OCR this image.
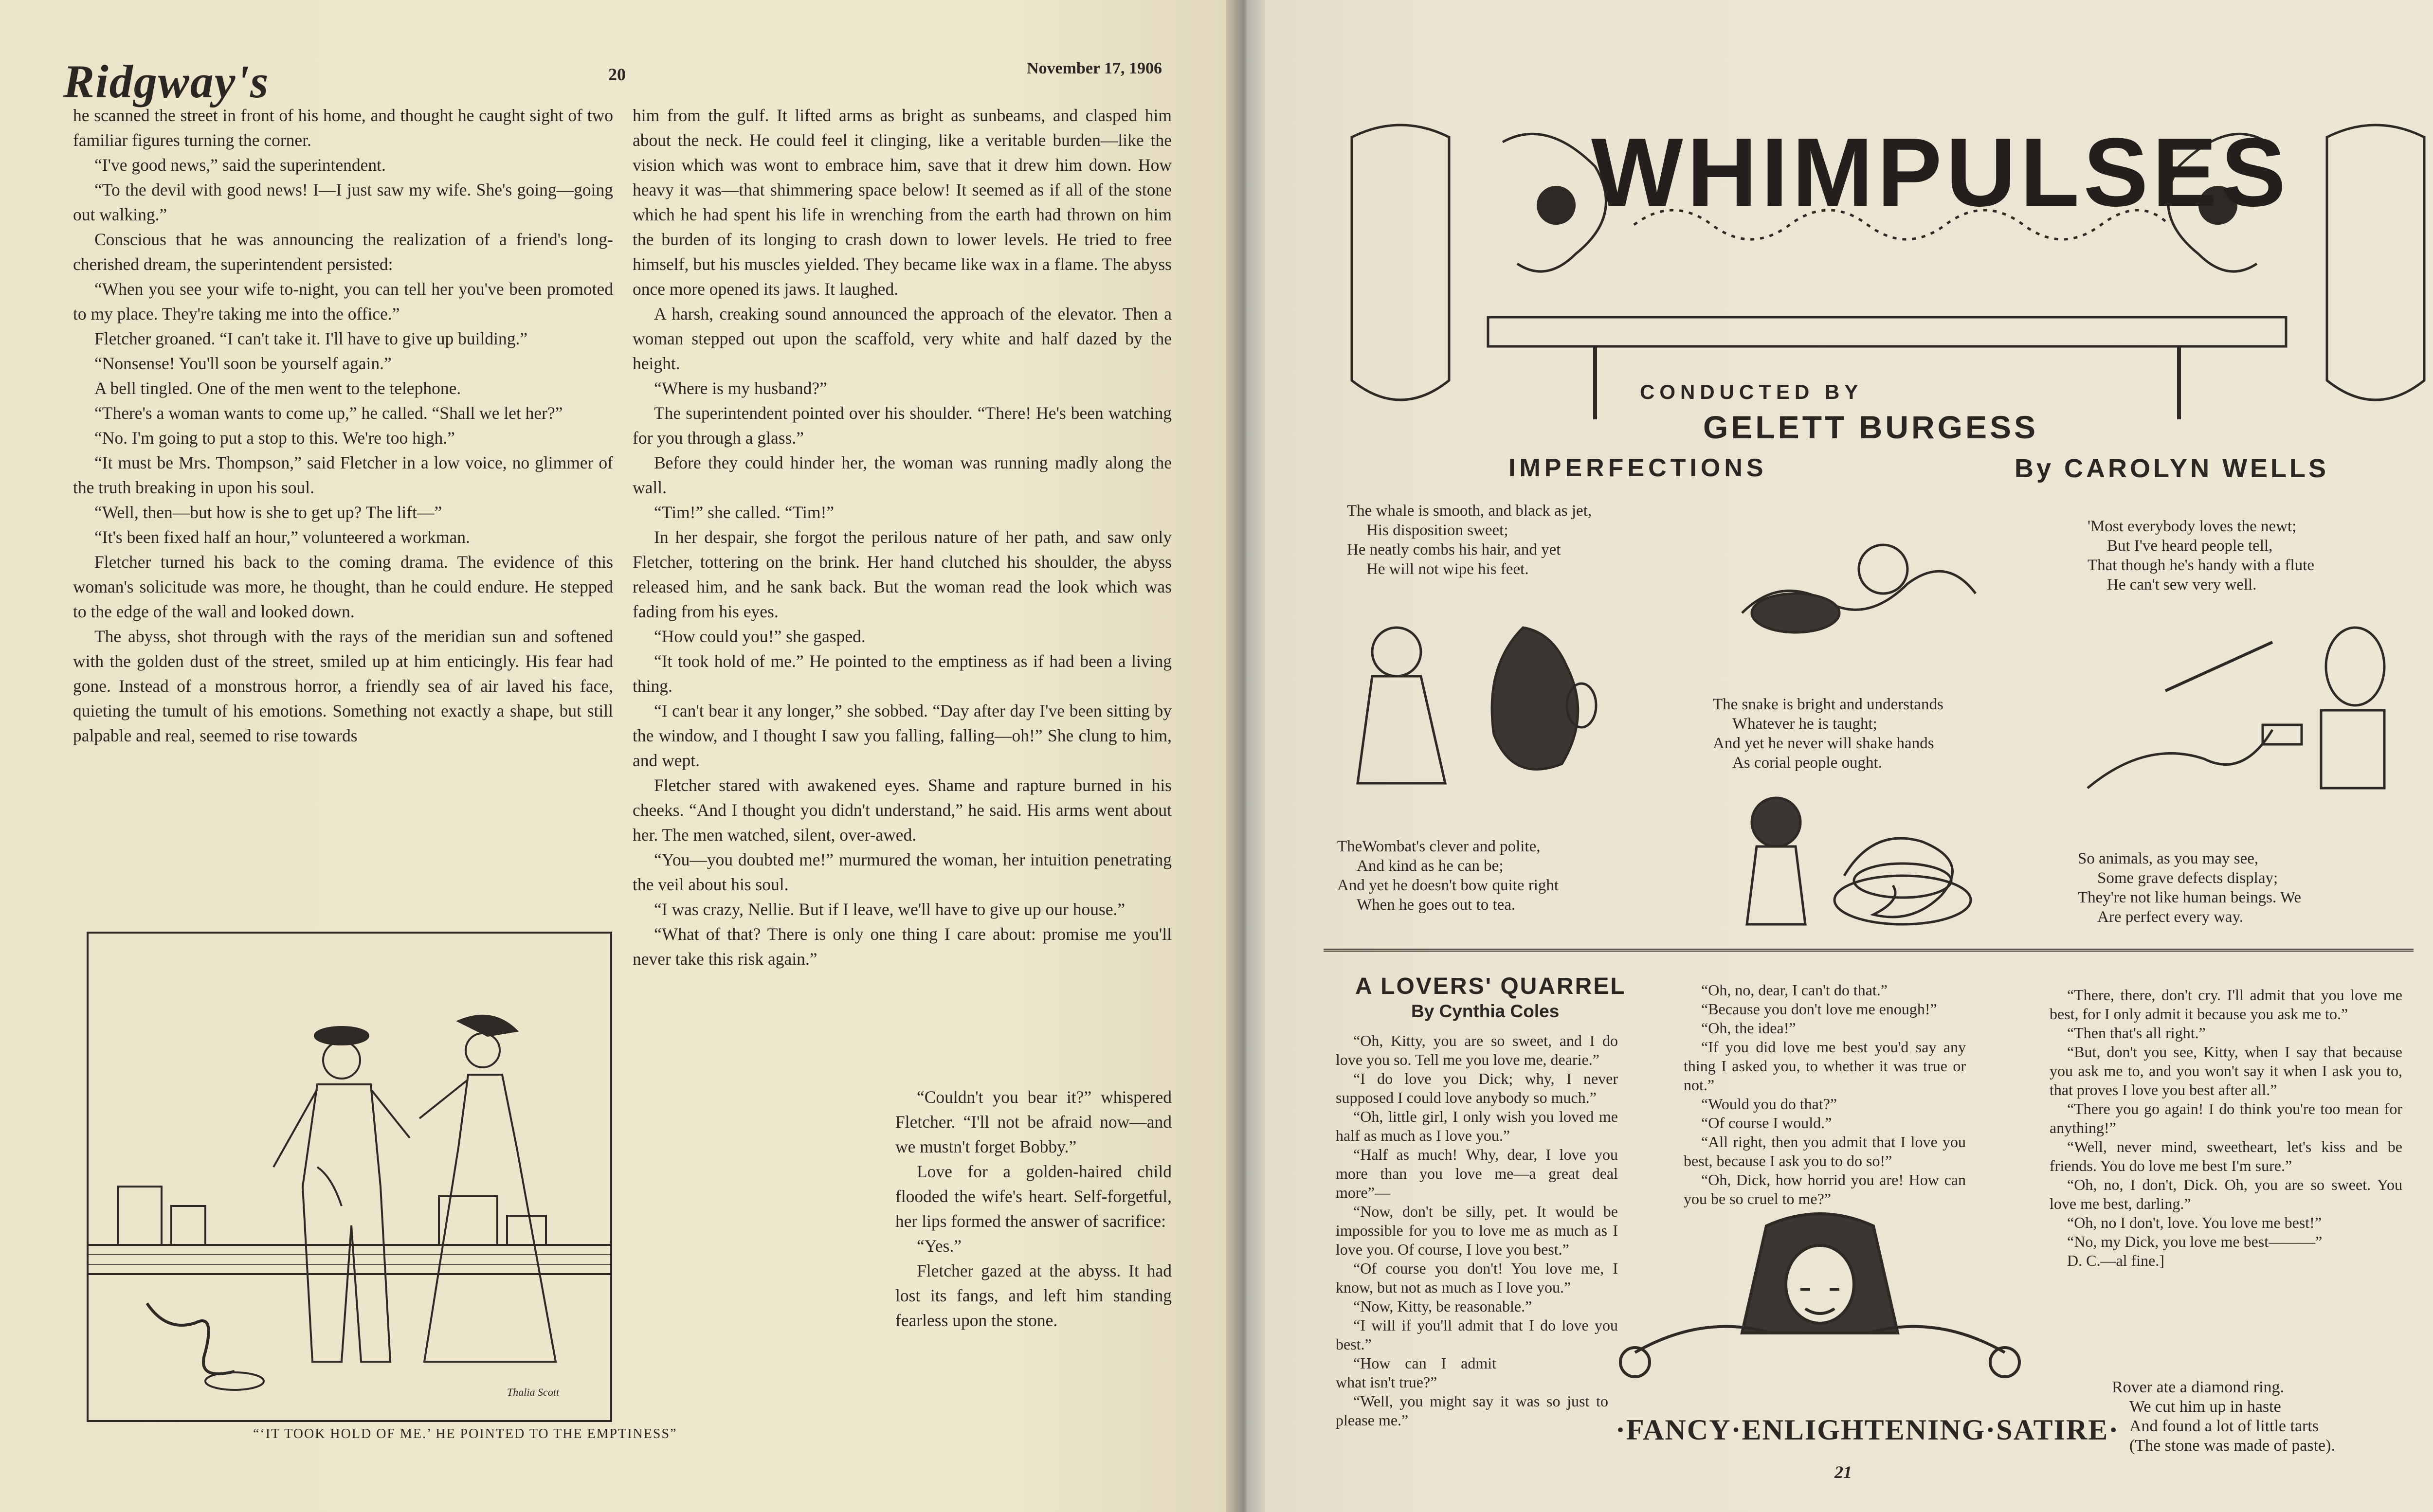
Ridgway's	20	November 17, 1906

he scanned the street in front of his home, and thought he caught sight of two familiar figures turning the corner.

“I've good news,” said the superintendent.

“To the devil with good news! I—I just saw my wife. She's going—going out walking.”

Conscious that he was announcing the realization of a friend's long-cherished dream, the superintendent persisted:

“When you see your wife to-night, you can tell her you've been promoted to my place. They're taking me into the office.”

Fletcher groaned. “I can't take it. I'll have to give up building.”

“Nonsense! You'll soon be yourself again.”

A bell tingled. One of the men went to the telephone.

“There's a woman wants to come up,” he called. “Shall we let her?”

“No. I'm going to put a stop to this. We're too high.”

“It must be Mrs. Thompson,” said Fletcher in a low voice, no glimmer of the truth breaking in upon his soul.

“Well, then—but how is she to get up? The lift—”

“It's been fixed half an hour,” volunteered a workman.

Fletcher turned his back to the coming drama. The evidence of this woman's solicitude was more, he thought, than he could endure. He stepped to the edge of the wall and looked down.

The abyss, shot through with the rays of the meridian sun and softened with the golden dust of the street, smiled up at him enticingly. His fear had gone. Instead of a monstrous horror, a friendly sea of air laved his face, quieting the tumult of his emotions. Something not exactly a shape, but still palpable and real, seemed to rise towards

him from the gulf. It lifted arms as bright as sunbeams, and clasped him about the neck. He could feel it clinging, like a veritable burden—like the vision which was wont to embrace him, save that it drew him down. How heavy it was—that shimmering space below! It seemed as if all of the stone which he had spent his life in wrenching from the earth had thrown on him the burden of its longing to crash down to lower levels. He tried to free himself, but his muscles yielded. They became like wax in a flame. The abyss once more opened its jaws. It laughed.

A harsh, creaking sound announced the approach of the elevator. Then a woman stepped out upon the scaffold, very white and half dazed by the height.

“Where is my husband?”

The superintendent pointed over his shoulder. “There! He's been watching for you through a glass.”

Before they could hinder her, the woman was running madly along the wall.

“Tim!” she called. “Tim!”

In her despair, she forgot the perilous nature of her path, and saw only Fletcher, tottering on the brink. Her hand clutched his shoulder, the abyss released him, and he sank back. But the woman read the look which was fading from his eyes.

“How could you!” she gasped.

“It took hold of me.” He pointed to the emptiness as if had been a living thing.

“I can't bear it any longer,” she sobbed. “Day after day I've been sitting by the window, and I thought I saw you falling, falling—oh!” She clung to him, and wept.

Fletcher stared with awakened eyes. Shame and rapture burned in his cheeks. “And I thought you didn't understand,” he said. His arms went about her. The men watched, silent, over-awed.

“You—you doubted me!” murmured the woman, her intuition penetrating the veil about his soul.

“I was crazy, Nellie. But if I leave, we'll have to give up our house.”

“What of that? There is only one thing I care about: promise me you'll never take this risk again.”

“Couldn't you bear it?” whispered Fletcher. “I'll not be afraid now—and we mustn't forget Bobby.”

Love for a golden-haired child flooded the wife's heart. Self-forgetful, her lips formed the answer of sacrifice:

“Yes.”

Fletcher gazed at the abyss. It had lost its fangs, and left him standing fearless upon the stone.

Thalia Scott
“‘IT TOOK HOLD OF ME.’ HE POINTED TO THE EMPTINESS”
WHIMPULSES
CONDUCTED BY
GELETT BURGESS
IMPERFECTIONS	By CAROLYN WELLS
The whale is smooth, and black as jet,
His disposition sweet;
He neatly combs his hair, and yet
He will not wipe his feet.
'Most everybody loves the newt;
But I've heard people tell,
That though he's handy with a flute
He can't sew very well.
The snake is bright and understands
Whatever he is taught;
And yet he never will shake hands
As corial people ought.
TheWombat's clever and polite,
And kind as he can be;
And yet he doesn't bow quite right
When he goes out to tea.
So animals, as you may see,
Some grave defects display;
They're not like human beings. We
Are perfect every way.
A LOVERS' QUARREL
By Cynthia Coles

“Oh, Kitty, you are so sweet, and I do love you so. Tell me you love me, dearie.”

“I do love you Dick; why, I never supposed I could love anybody so much.”

“Oh, little girl, I only wish you loved me half as much as I love you.”

“Half as much! Why, dear, I love you more than you love me—a great deal more”—

“Now, don't be silly, pet. It would be impossible for you to love me as much as I love you. Of course, I love you best.”

“Of course you don't! You love me, I know, but not as much as I love you.”

“Now, Kitty, be reasonable.”

“I will if you'll admit that I do love you best.”

“How can I admit what isn't true?”

“Well, you might say it was so just to please me.”

“Oh, no, dear, I can't do that.”

“Because you don't love me enough!”

“Oh, the idea!”

“If you did love me best you'd say any thing I asked you, to whether it was true or not.”

“Would you do that?”

“Of course I would.”

“All right, then you admit that I love you best, because I ask you to do so!”

“Oh, Dick, how horrid you are! How can you be so cruel to me?”

“There, there, don't cry. I'll admit that you love me best, for I only admit it because you ask me to.”

“Then that's all right.”

“But, don't you see, Kitty, when I say that because you ask me to, and you won't say it when I ask you to, that proves I love you best after all.”

“There you go again! I do think you're too mean for anything!”

“Well, never mind, sweetheart, let's kiss and be friends. You do love me best I'm sure.”

“Oh, no, I don't, Dick. Oh, you are so sweet. You love me best, darling.”

“Oh, no I don't, love. You love me best!”

“No, my Dick, you love me best———”

D. C.—al fine.]

·FANCY·ENLIGHTENING·SATIRE·
Rover ate a diamond ring.
We cut him up in haste
And found a lot of little tarts
(The stone was made of paste).
21
